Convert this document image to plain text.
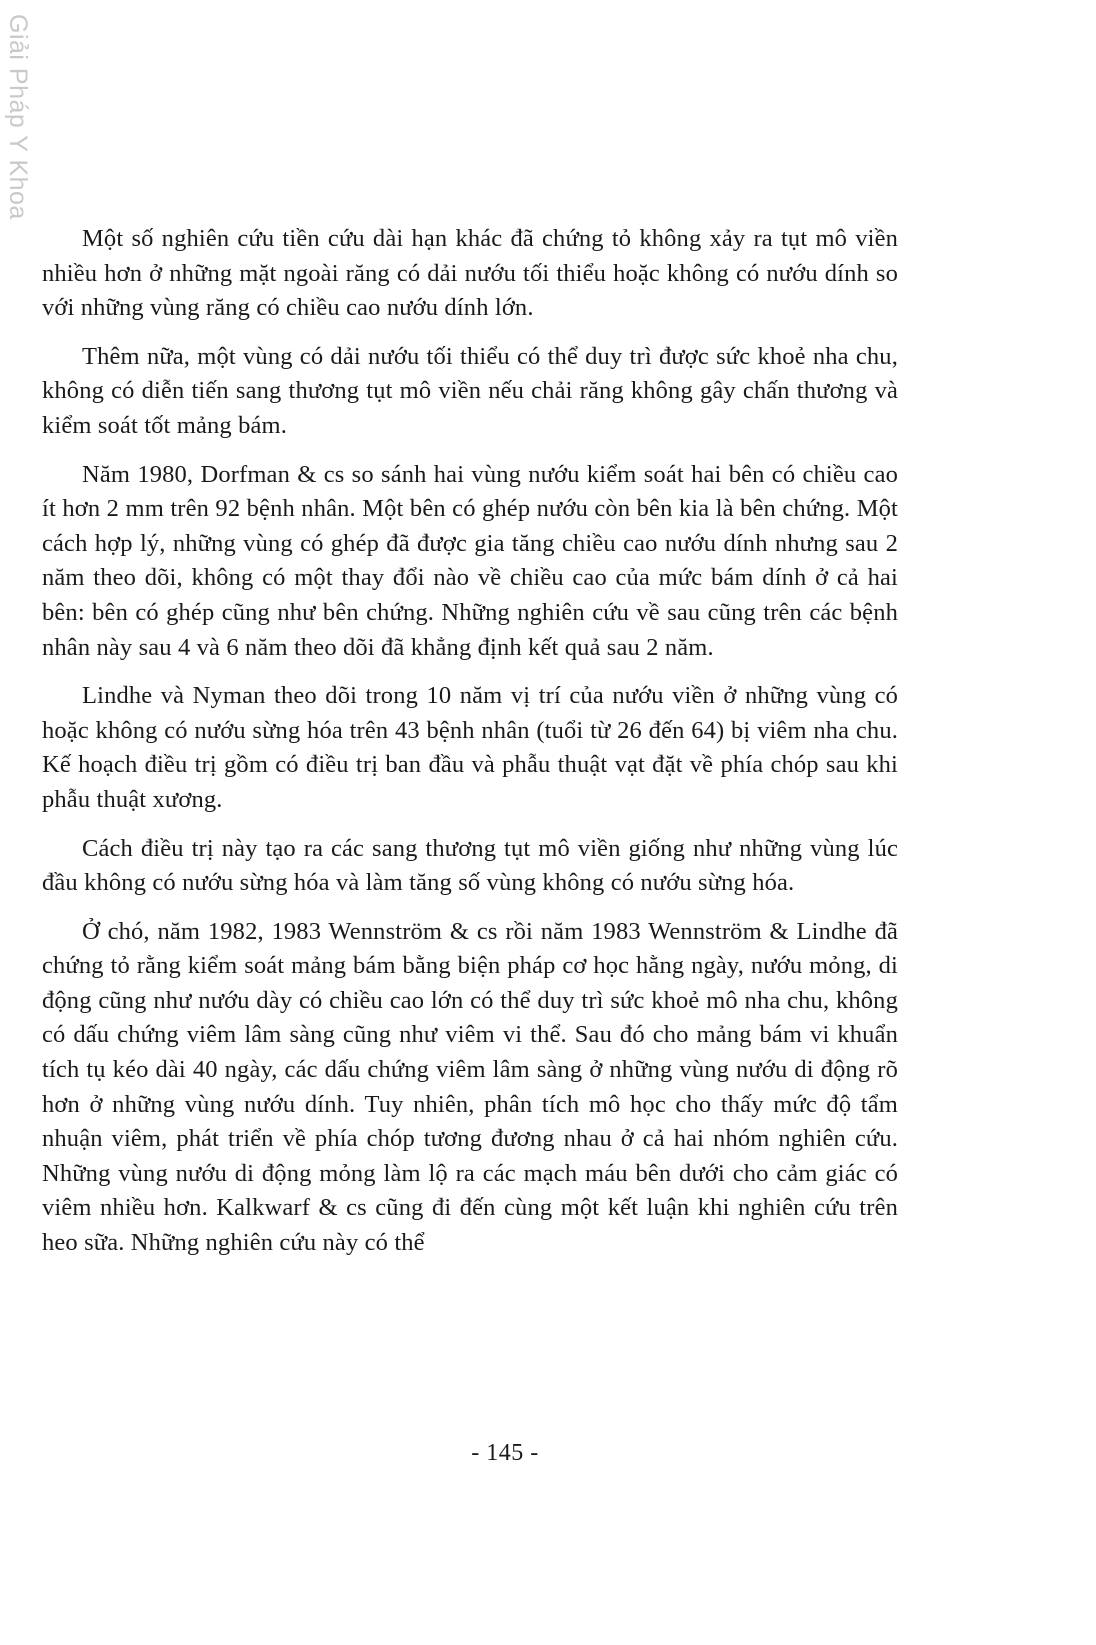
Giải Pháp Y Khoa

Một số nghiên cứu tiền cứu dài hạn khác đã chứng tỏ không xảy ra tụt mô viền nhiều hơn ở những mặt ngoài răng có dải nướu tối thiểu hoặc không có nướu dính so với những vùng răng có chiều cao nướu dính lớn.

Thêm nữa, một vùng có dải nướu tối thiểu có thể duy trì được sức khoẻ nha chu, không có diễn tiến sang thương tụt mô viền nếu chải răng không gây chấn thương và kiểm soát tốt mảng bám.

Năm 1980, Dorfman & cs so sánh hai vùng nướu kiểm soát hai bên có chiều cao ít hơn 2 mm trên 92 bệnh nhân. Một bên có ghép nướu còn bên kia là bên chứng. Một cách hợp lý, những vùng có ghép đã được gia tăng chiều cao nướu dính nhưng sau 2 năm theo dõi, không có một thay đổi nào về chiều cao của mức bám dính ở cả hai bên: bên có ghép cũng như bên chứng. Những nghiên cứu về sau cũng trên các bệnh nhân này sau 4 và 6 năm theo dõi đã khẳng định kết quả sau 2 năm.

Lindhe và Nyman theo dõi trong 10 năm vị trí của nướu viền ở những vùng có hoặc không có nướu sừng hóa trên 43 bệnh nhân (tuổi từ 26 đến 64) bị viêm nha chu. Kế hoạch điều trị gồm có điều trị ban đầu và phẫu thuật vạt đặt về phía chóp sau khi phẫu thuật xương.

Cách điều trị này tạo ra các sang thương tụt mô viền giống như những vùng lúc đầu không có nướu sừng hóa và làm tăng số vùng không có nướu sừng hóa.

Ở chó, năm 1982, 1983 Wennström & cs rồi năm 1983 Wennström & Lindhe đã chứng tỏ rằng kiểm soát mảng bám bằng biện pháp cơ học hằng ngày, nướu mỏng, di động cũng như nướu dày có chiều cao lớn có thể duy trì sức khoẻ mô nha chu, không có dấu chứng viêm lâm sàng cũng như viêm vi thể. Sau đó cho mảng bám vi khuẩn tích tụ kéo dài 40 ngày, các dấu chứng viêm lâm sàng ở những vùng nướu di động rõ hơn ở những vùng nướu dính. Tuy nhiên, phân tích mô học cho thấy mức độ tẩm nhuận viêm, phát triển về phía chóp tương đương nhau ở cả hai nhóm nghiên cứu. Những vùng nướu di động mỏng làm lộ ra các mạch máu bên dưới cho cảm giác có viêm nhiều hơn. Kalkwarf & cs cũng đi đến cùng một kết luận khi nghiên cứu trên heo sữa. Những nghiên cứu này có thể

- 145 -
